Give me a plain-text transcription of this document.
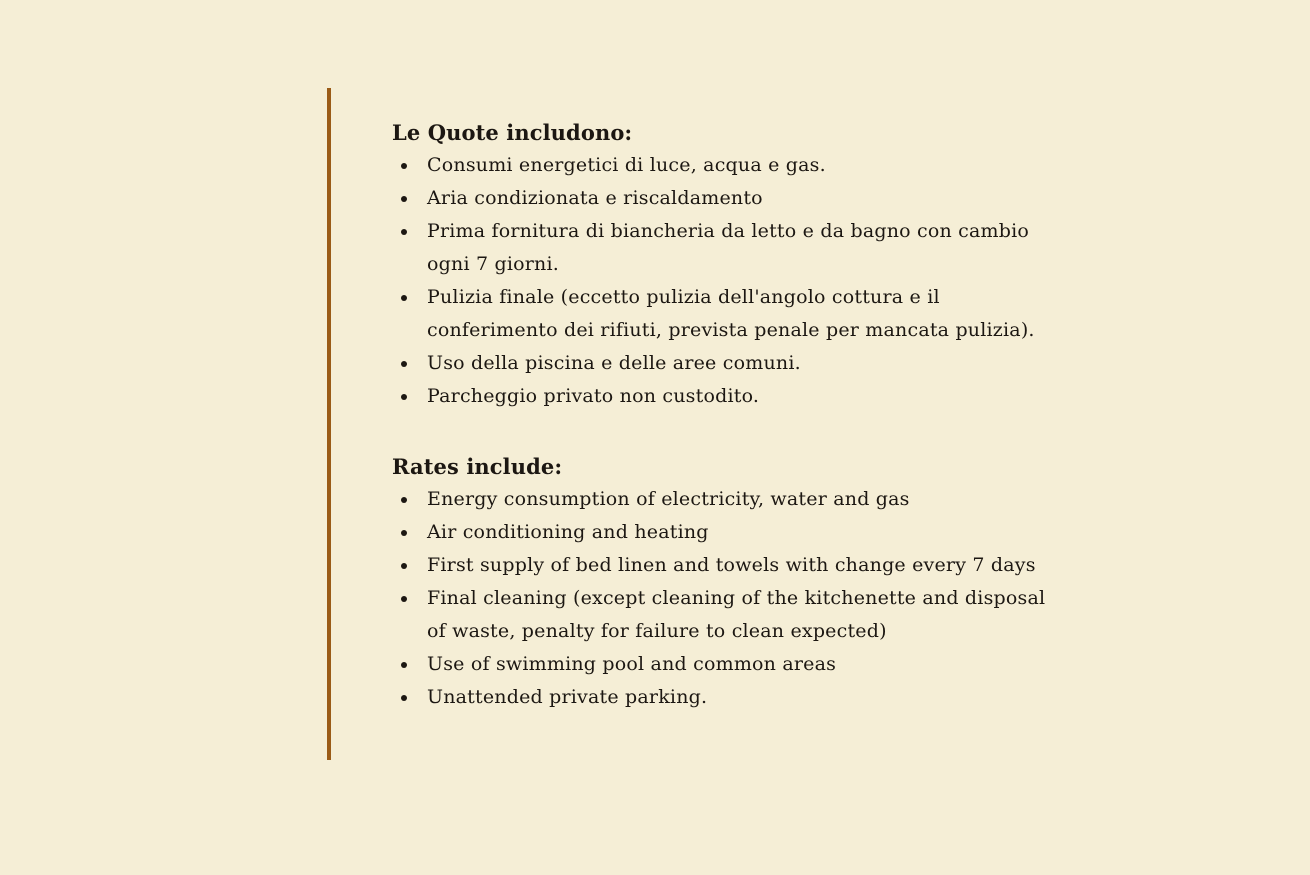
Le Quote includono:
Consumi energetici di luce, acqua e gas.
Aria condizionata e riscaldamento
Prima fornitura di biancheria da letto e da bagno con cambio
ogni 7 giorni.
Pulizia finale (eccetto pulizia dell'angolo cottura e il
conferimento dei rifiuti, prevista penale per mancata pulizia).
Uso della piscina e delle aree comuni.
Parcheggio privato non custodito.
Rates include:
Energy consumption of electricity, water and gas
Air conditioning and heating
First supply of bed linen and towels with change every 7 days
Final cleaning (except cleaning of the kitchenette and disposal
of waste, penalty for failure to clean expected)
Use of swimming pool and common areas
Unattended private parking.
